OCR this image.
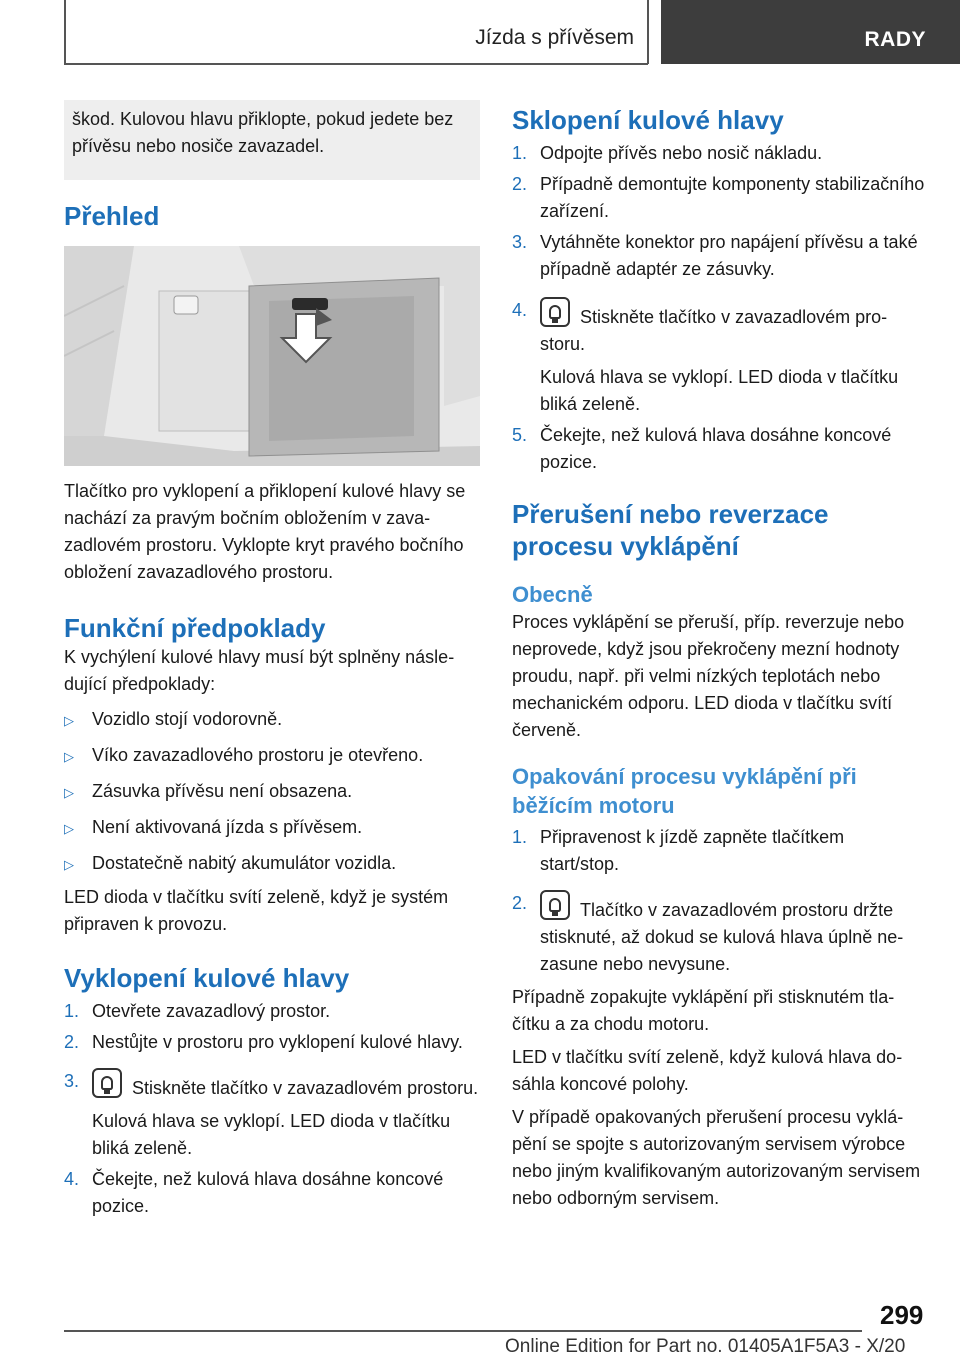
Jízda s přívěsem	RADY
škod. Kulovou hlavu přiklopte, pokud jedete bez přívěsu nebo nosiče zavazadel.
Přehled

Tlačítko pro vyklopení a přiklopení kulové hlavy se nachází za pravým bočním obložením v zavazadlovém prostoru. Vyklopte kryt pravého bočního obložení zavazadlového prostoru.

Funkční předpoklady

K vychýlení kulové hlavy musí být splněny následující předpoklady:

▷	Vozidlo stojí vodorovně.
▷	Víko zavazadlového prostoru je otevřeno.
▷	Zásuvka přívěsu není obsazena.
▷	Není aktivovaná jízda s přívěsem.
▷	Dostatečně nabitý akumulátor vozidla.

LED dioda v tlačítku svítí zeleně, když je systém připraven k provozu.

Vyklopení kulové hlavy
1. Otevřete zavazadlový prostor.
2. Nestůjte v prostoru pro vyklopení kulové hlavy.
3.	Stiskněte tlačítko v zavazadlovém prostoru.
Kulová hlava se vyklopí. LED dioda v tlačítku bliká zeleně.
4. Čekejte, než kulová hlava dosáhne koncové pozice.
Sklopení kulové hlavy
1. Odpojte přívěs nebo nosič nákladu.
2. Případně demontujte komponenty stabilizačního zařízení.
3. Vytáhněte konektor pro napájení přívěsu a také případně adaptér ze zásuvky.
4.	Stiskněte tlačítko v zavazadlovém prostoru.
Kulová hlava se vyklopí. LED dioda v tlačítku bliká zeleně.
5. Čekejte, než kulová hlava dosáhne koncové pozice.
Přerušení nebo reverzace procesu vyklápění
Obecně

Proces vyklápění se přeruší, příp. reverzuje nebo neprovede, když jsou překročeny mezní hodnoty proudu, např. při velmi nízkých teplotách nebo mechanickém odporu. LED dioda v tlačítku svítí červeně.

Opakování procesu vyklápění při běžícím motoru
1. Připravenost k jízdě zapněte tlačítkem start/stop.
2.	Tlačítko v zavazadlovém prostoru držte stisknuté, až dokud se kulová hlava úplně nezasune nebo nevysune.

Případně zopakujte vyklápění při stisknutém tlačítku a za chodu motoru.

LED v tlačítku svítí zeleně, když kulová hlava dosáhla koncové polohy.

V případě opakovaných přerušení procesu vyklápění se spojte s autorizovaným servisem výrobce nebo jiným kvalifikovaným autorizovaným servisem nebo odborným servisem.

299
Online Edition for Part no. 01405A1F5A3 - X/20
